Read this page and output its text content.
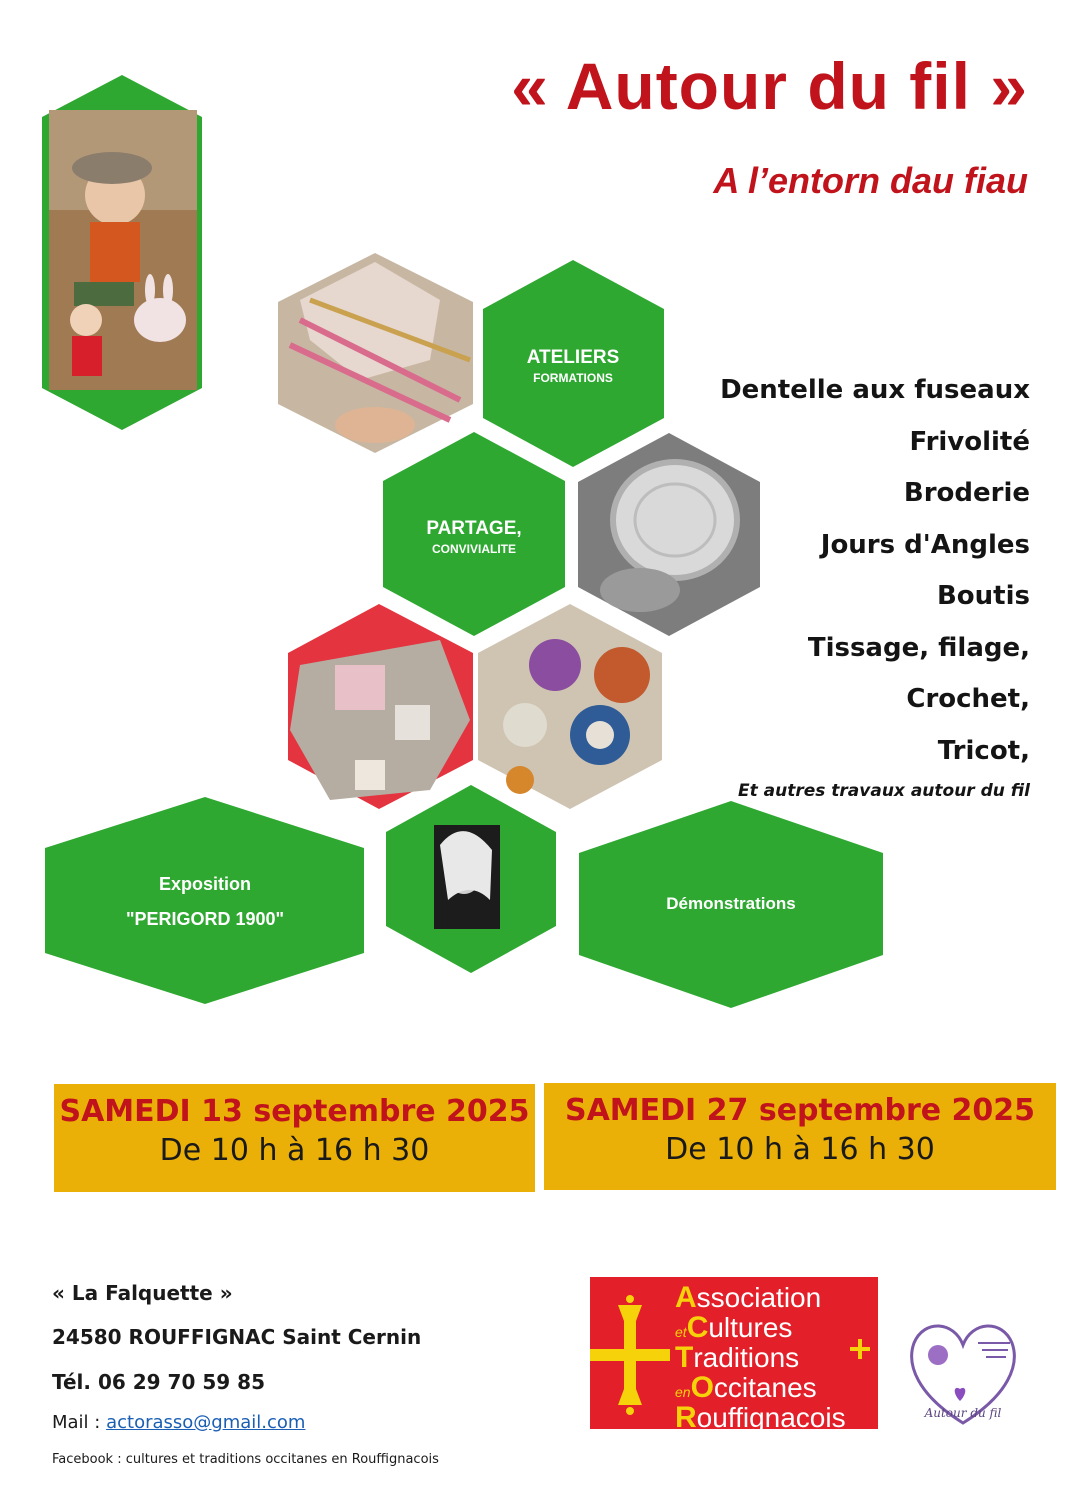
« Autour du fil »
A l’entorn dau fiau
ATELIERS
FORMATIONS
PARTAGE,
CONVIVIALITE
Exposition
"PERIGORD 1900"
Démonstrations
Dentelle aux fuseaux
Frivolité
Broderie
Jours d'Angles
Boutis
Tissage, filage,
Crochet,
Tricot,
Et autres travaux autour du fil
SAMEDI 13 septembre 2025
De 10 h à 16 h 30
SAMEDI 27 septembre 2025
De 10 h à 16 h 30
« La Falquette »
24580 ROUFFIGNAC Saint Cernin
Tél. 06 29 70 59 85
Mail : actorasso@gmail.com
Facebook : cultures et traditions occitanes en Rouffignacois
Association
etCultures
Traditions
enOccitanes
Rouffignacois	Autour du fil
